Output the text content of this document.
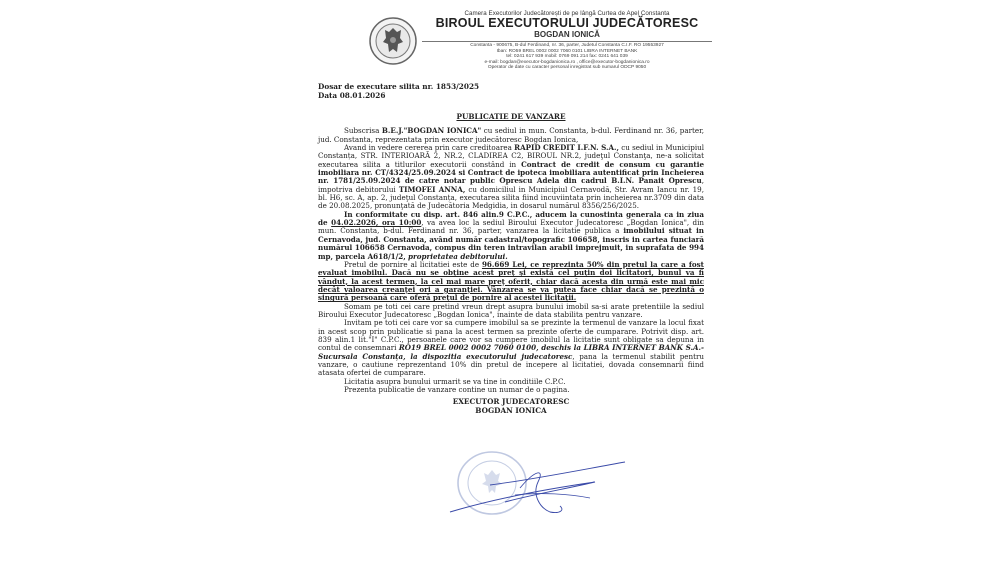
Camera Executorilor Judecătorești de pe lângă Curtea de Apel Constanta
BIROUL EXECUTORULUI JUDECĂTORESC
BOGDAN IONICĂ
Constanta - 900675, B-dul Ferdinand, nr. 36, parter, Judetul Constanta C.I.F. RO 19553927
Iban: RO59 BREL 0002 0002 7060 0101 LIBRA INTERNET BANK
tel: 0241 617 939 mobil: 0769 091 214 fax: 0241 641 039
e-mail: bogdan@executor-bogdanionica.ro , office@executor-bogdanionica.ro
Operator de date cu caracter personal inregistrat sub numarul ODCP 9050
Dosar de executare silita nr. 1853/2025
Data 08.01.2026
PUBLICATIE DE VANZARE

Subscrisa B.E.J."BOGDAN IONICA" cu sediul in mun. Constanta, b-dul. Ferdinand nr. 36, parter, jud. Constanta, reprezentata prin executor judecătoresc Bogdan Ionica,

Avand in vedere cererea prin care creditoarea RAPID CREDIT I.F.N. S.A., cu sediul in Municipiul Constanța, STR. INTERIOARĂ 2, NR.2, CLADIREA C2, BIROUL NR.2, judeţul Constanţa, ne-a solicitat executarea silita a titlurilor executorii constând in Contract de credit de consum cu garantie imobiliara nr. CT/4324/25.09.2024 si Contract de ipoteca imobiliara autentificat prin Incheierea nr. 1781/25.09.2024 de catre notar public Oprescu Adela din cadrul B.I.N. Panait Oprescu, impotriva debitorului TIMOFEI ANNA, cu domiciliul in Municipiul Cernavodă, Str. Avram Iancu nr. 19, bl. H6, sc. A, ap. 2, judeţul Constanța, executarea silita fiind incuviintata prin incheierea nr.3709 din data de 20.08.2025, pronunţată de Judecătoria Medgidia, in dosarul numărul 8356/256/2025.

In conformitate cu disp. art. 846 alin.9 C.P.C., aducem la cunostinta generala ca in ziua de 04.02.2026, ora 10:00, va avea loc la sediul Biroului Executor Judecatoresc „Bogdan Ionica", din mun. Constanta, b-dul. Ferdinand nr. 36, parter, vanzarea la licitatie publica a imobilului situat in Cernavoda, jud. Constanta, având număr cadastral/topografic 106658, inscris in cartea funciară numărul 106658 Cernavoda, compus din teren intravilan arabil imprejmuit, in suprafata de 994 mp, parcela A618/1/2, proprietatea debitorului.

Pretul de pornire al licitatiei este de 96.669 Lei, ce reprezinta 50% din pretul la care a fost evaluat imobilul. Dacă nu se obţine acest preţ şi există cel puţin doi licitatori, bunul va fi vândut, la acest termen, la cel mai mare preţ oferit, chiar dacă acesta din urmă este mai mic decât valoarea creanţei ori a garanţiei. Vânzarea se va putea face chiar dacă se prezintă o singură persoană care oferă preţul de pornire al acestei licitaţii.

Somam pe toti cei care pretind vreun drept asupra bunului imobil sa-si arate pretentiile la sediul Biroului Executor Judecatoresc „Bogdan Ionica", inainte de data stabilita pentru vanzare.

Invitam pe toti cei care vor sa cumpere imobilul sa se prezinte la termenul de vanzare la locul fixat in acest scop prin publicatie si pana la acest termen sa prezinte oferte de cumparare. Potrivit disp. art. 839 alin.1 lit."I" C.P.C., persoanele care vor sa cumpere imobilul la licitatie sunt obligate sa depuna in contul de consemnari RO19 BREL 0002 0002 7060 0100, deschis la LIBRA INTERNET BANK S.A.-Sucursala Constanța, la dispozitia executorului judecatoresc, pana la termenul stabilit pentru vanzare, o cautiune reprezentand 10% din pretul de incepere al licitatiei, dovada consemnarii fiind atasata ofertei de cumparare.

Licitatia asupra bunului urmarit se va tine in conditiile C.P.C.
Prezenta publicatie de vanzare contine un numar de o pagina.
EXECUTOR JUDECATORESC
BOGDAN IONICA
